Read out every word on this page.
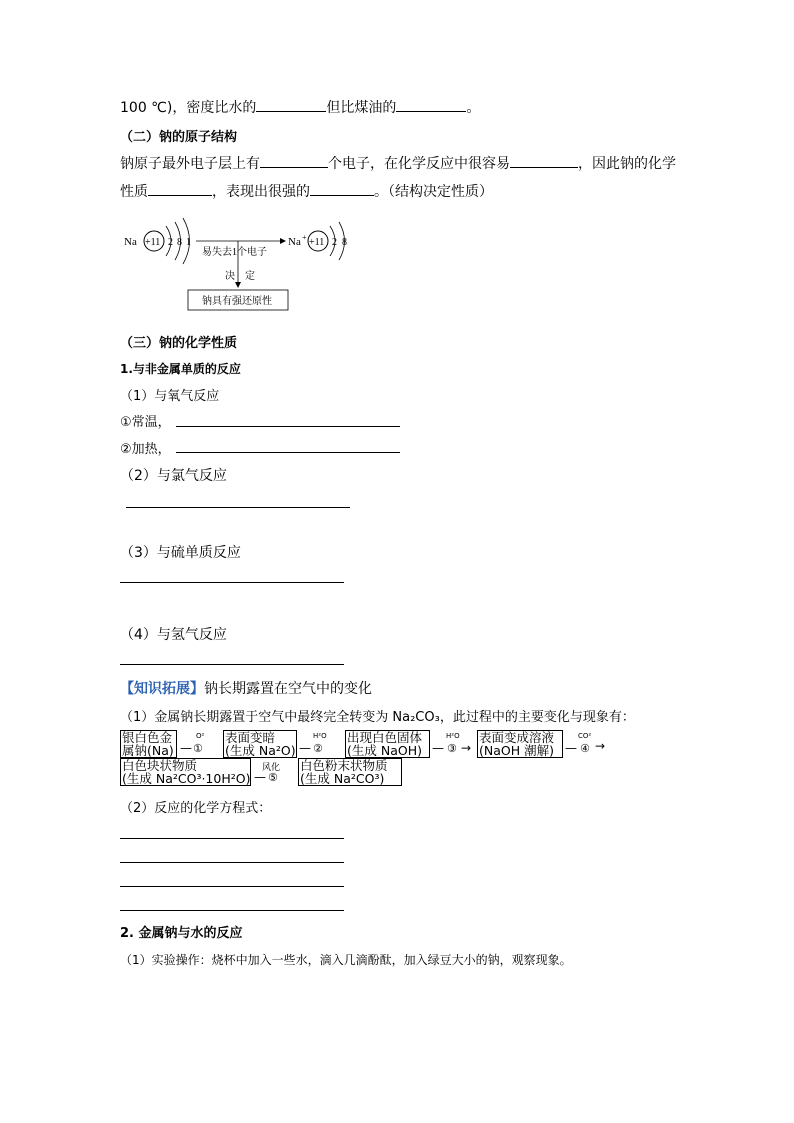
100 ℃)，密度比水的	但比煤油的	。
（二）钠的原子结构
钠原子最外电子层上有	个电子，在化学反应中很容易	，因此钠的化学
性质	，表现出很强的	。（结构决定性质）
Na +11 2 8 1
易失去1个电子
Na + +11 2 8
决　定
钠具有强还原性
（三）钠的化学性质
1.与非金属单质的反应
（1）与氧气反应
①常温，
②加热，
（2）与氯气反应
（3）与硫单质反应
（4）与氢气反应
【知识拓展】钠长期露置在空气中的变化
（1）金属钠长期露置于空气中最终完全转变为 Na₂CO₃，此过程中的主要变化与现象有：
银白色金
属钠(Na)
O²
— ①
表面变暗
(生成 Na²O)
H²O
— ②
出现白色固体
(生成 NaOH)
H²O
— ③ →
表面变成溶液
(NaOH 潮解)
CO²
— ④ →
白色块状物质
(生成 Na²CO³·10H²O)
风化
— ⑤
白色粉末状物质
(生成 Na²CO³)
（2）反应的化学方程式：
2. 金属钠与水的反应
（1）实验操作：烧杯中加入一些水，滴入几滴酚酞，加入绿豆大小的钠，观察现象。
